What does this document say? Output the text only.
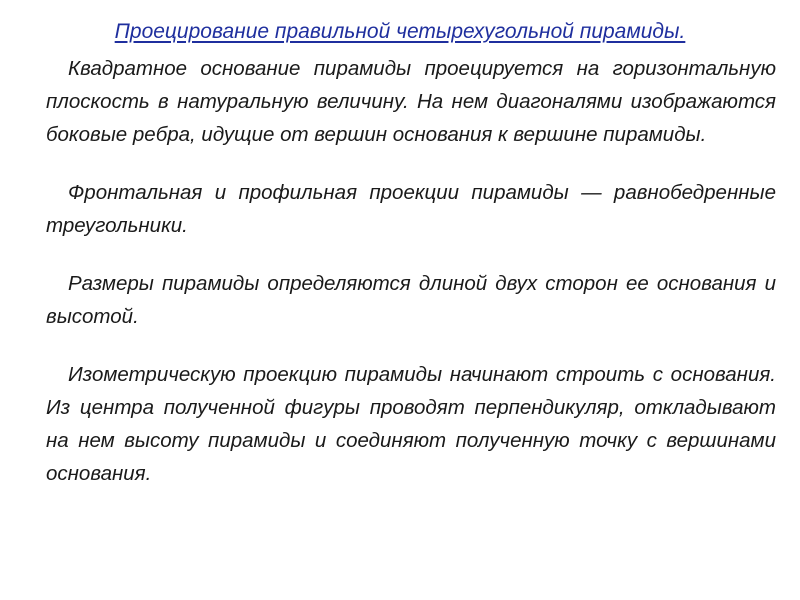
Проецирование правильной четырехугольной пирамиды.

Квадратное основание пирамиды проецируется на горизонтальную плоскость в натуральную величину. На нем диагоналями изображаются боковые ребра, идущие от вершин основания к вершине пирамиды.

Фронтальная и профильная проекции пирамиды — равнобедренные треугольники.

Размеры пирамиды определяются длиной двух сторон ее основания и высотой.

Изометрическую проекцию пирамиды начинают строить с основания. Из центра полученной фигуры проводят перпендикуляр, откладывают на нем высоту пирамиды и соединяют полученную точку с вершинами основания.
